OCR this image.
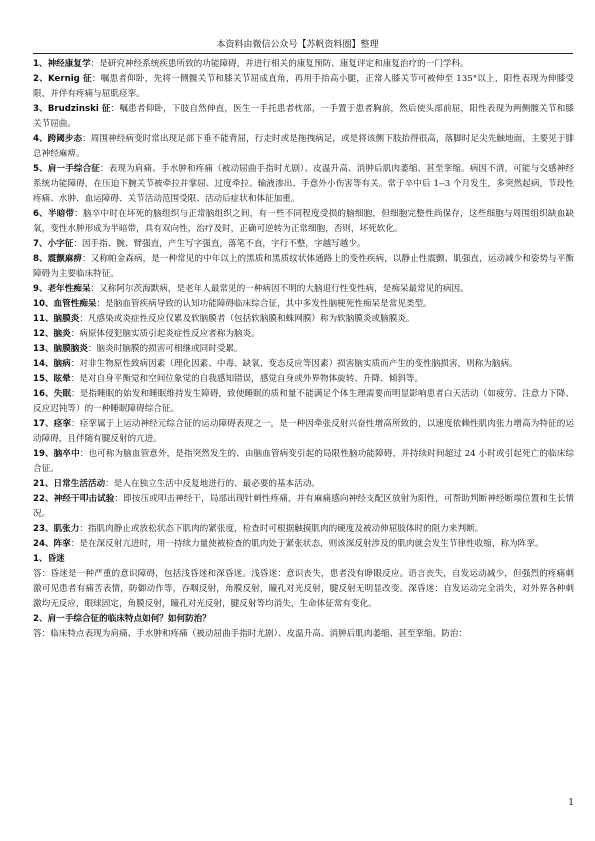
本资料由微信公众号【苏帆资料圈】整理

1、神经康复学：是研究神经系统疾患所致的功能障碍，并进行相关的康复预防、康复评定和康复治疗的一门学科。

2、Kernig 征：嘱患者仰卧，先将一侧髋关节和膝关节屈成直角，再用手抬高小腿，正常人膝关节可被伸至 135°以上，阳性表现为伸膝受限，并伴有疼痛与屈肌痉挛。

3、Brudzinski 征：嘱患者仰卧，下肢自然伸直，医生一手托患者枕部，一手置于患者胸前，然后使头部前屈，阳性表现为两侧髋关节和膝关节屈曲。

4、跨阈步态：周围神经病变时常出现足部下垂不能背屈，行走时或是拖拽病足，或是将该侧下肢抬得很高，落脚时足尖先触地面，主要见于腓总神经麻痹。

5、肩一手综合征：表现为肩痛、手水肿和疼痛（被动屈曲手指时尤剧）、皮温升高、消肿后肌肉萎缩、甚至挛缩。病因不清，可能与交感神经系统功能障碍，在压迫下腕关节被牵拉并掌屈、过度牵拉、输液渗出、手意外小伤害等有关。常于卒中后 1--3 个月发生，多突然起病，节段性疼痛、水肿、血运障碍、关节活动范围受限、活动后症状和体征加重。

6、半暗带：脑卒中时在坏死的脑组织与正常脑组织之间，有一些不同程度受损的脑细胞，但细胞完整性尚保存，这些细胞与周围组织缺血缺氧，变性水肿形成为半暗带，具有双向性，治疗及时，正确可逆转为正常细胞，否则，坏死软化。

7、小字征：因手指、腕、臂强直，产生写字强直，落笔不直，字行不整，字越写越少。

8、震颤麻痹：又称帕金森病，是一种常见的中年以上的黑质和黑质纹状体通路上的变性疾病，以静止性震颤、肌强直，运动减少和姿势与平衡障碍为主要临床特征。

9、老年性痴呆：又称阿尔茨海默病，是老年人最常见的一种病因不明的大脑退行性变性病，是痴呆最常见的病因。

10、血管性痴呆：是脑血管疾病导致的认知功能障碍临床综合征，其中多发性脑梗死性痴呆是常见类型。

11、脑膜炎：凡感染或炎症性反应仅累及软脑膜者（包括软脑膜和蛛网膜）称为软脑膜炎或脑膜炎。

12、脑炎：病原体侵犯脑实质引起炎症性反应者称为脑炎。

13、脑膜脑炎：脑炎时脑膜的损害可相继或同时受累。

14、脑病：对非生物原性致病因素（理化因素、中毒、缺氧、变态反应等因素）损害脑实质而产生的变性脑损害，则称为脑病。

15、眩晕：是对自身平衡觉和空间位象觉的自我感知错误，感觉自身或外界物体旋转、升降、倾斜等。

16、失眠：是指睡眠的始发和睡眠维持发生障碍，致使睡眠的质和量不能满足个体生理需要而明显影响患者白天活动（如疲劳、注意力下降、反应迟钝等）的一种睡眠障碍综合征。

17、痉挛：痉挛属于上运动神经元综合征的运动障碍表现之一，是一种因牵张反射兴奋性增高所致的，以速度依赖性肌肉张力增高为特征的运动障碍，且伴随有腱反射的亢进。

19、脑卒中：也可称为脑血管意外，是指突然发生的、由脑血管病变引起的局限性脑功能障碍，并持续时间超过 24 小时或引起死亡的临床综合征。

21、日常生活活动：是人在独立生活中反复地进行的、最必要的基本活动。

22、神经干叩击试验：即按压或叩击神经干，局部出现针刺性疼痛，并有麻痛感向神经支配区放射为阳性，可帮助判断神经断端位置和生长情况。

23、肌张力：指肌肉静止或放松状态下肌肉的紧张度，检查时可根据触摸肌肉的硬度及被动伸屈肢体时的阻力来判断。

24、阵挛：是在深反射亢进时，用一持续力量使被检查的肌肉处于紧张状态，则该深反射涉及的肌肉就会发生节律性收缩，称为阵挛。

1、昏迷

答：昏迷是一种严重的意识障碍，包括浅昏迷和深昏迷。浅昏迷：意识丧失，患者没有睁眼反应。语言丧失，自发运动减少，但强烈的疼痛刺激可见患者有痛苦表情，防御动作等，吞咽反射，角膜反射，瞳孔对光反射，腱反射无明显改变。深昏迷：自发运动完全消失，对外界各种刺激均无反应，眼球固定，角膜反射，瞳孔对光反射，腱反射等均消失，生命体征常有变化。

2、肩一手综合征的临床特点如何？如何防治？

答：临床特点表现为肩痛、手水肿和疼痛（被动屈曲手指时尤剧）、皮温升高、消肿后肌肉萎缩、甚至挛缩。防治：

1
